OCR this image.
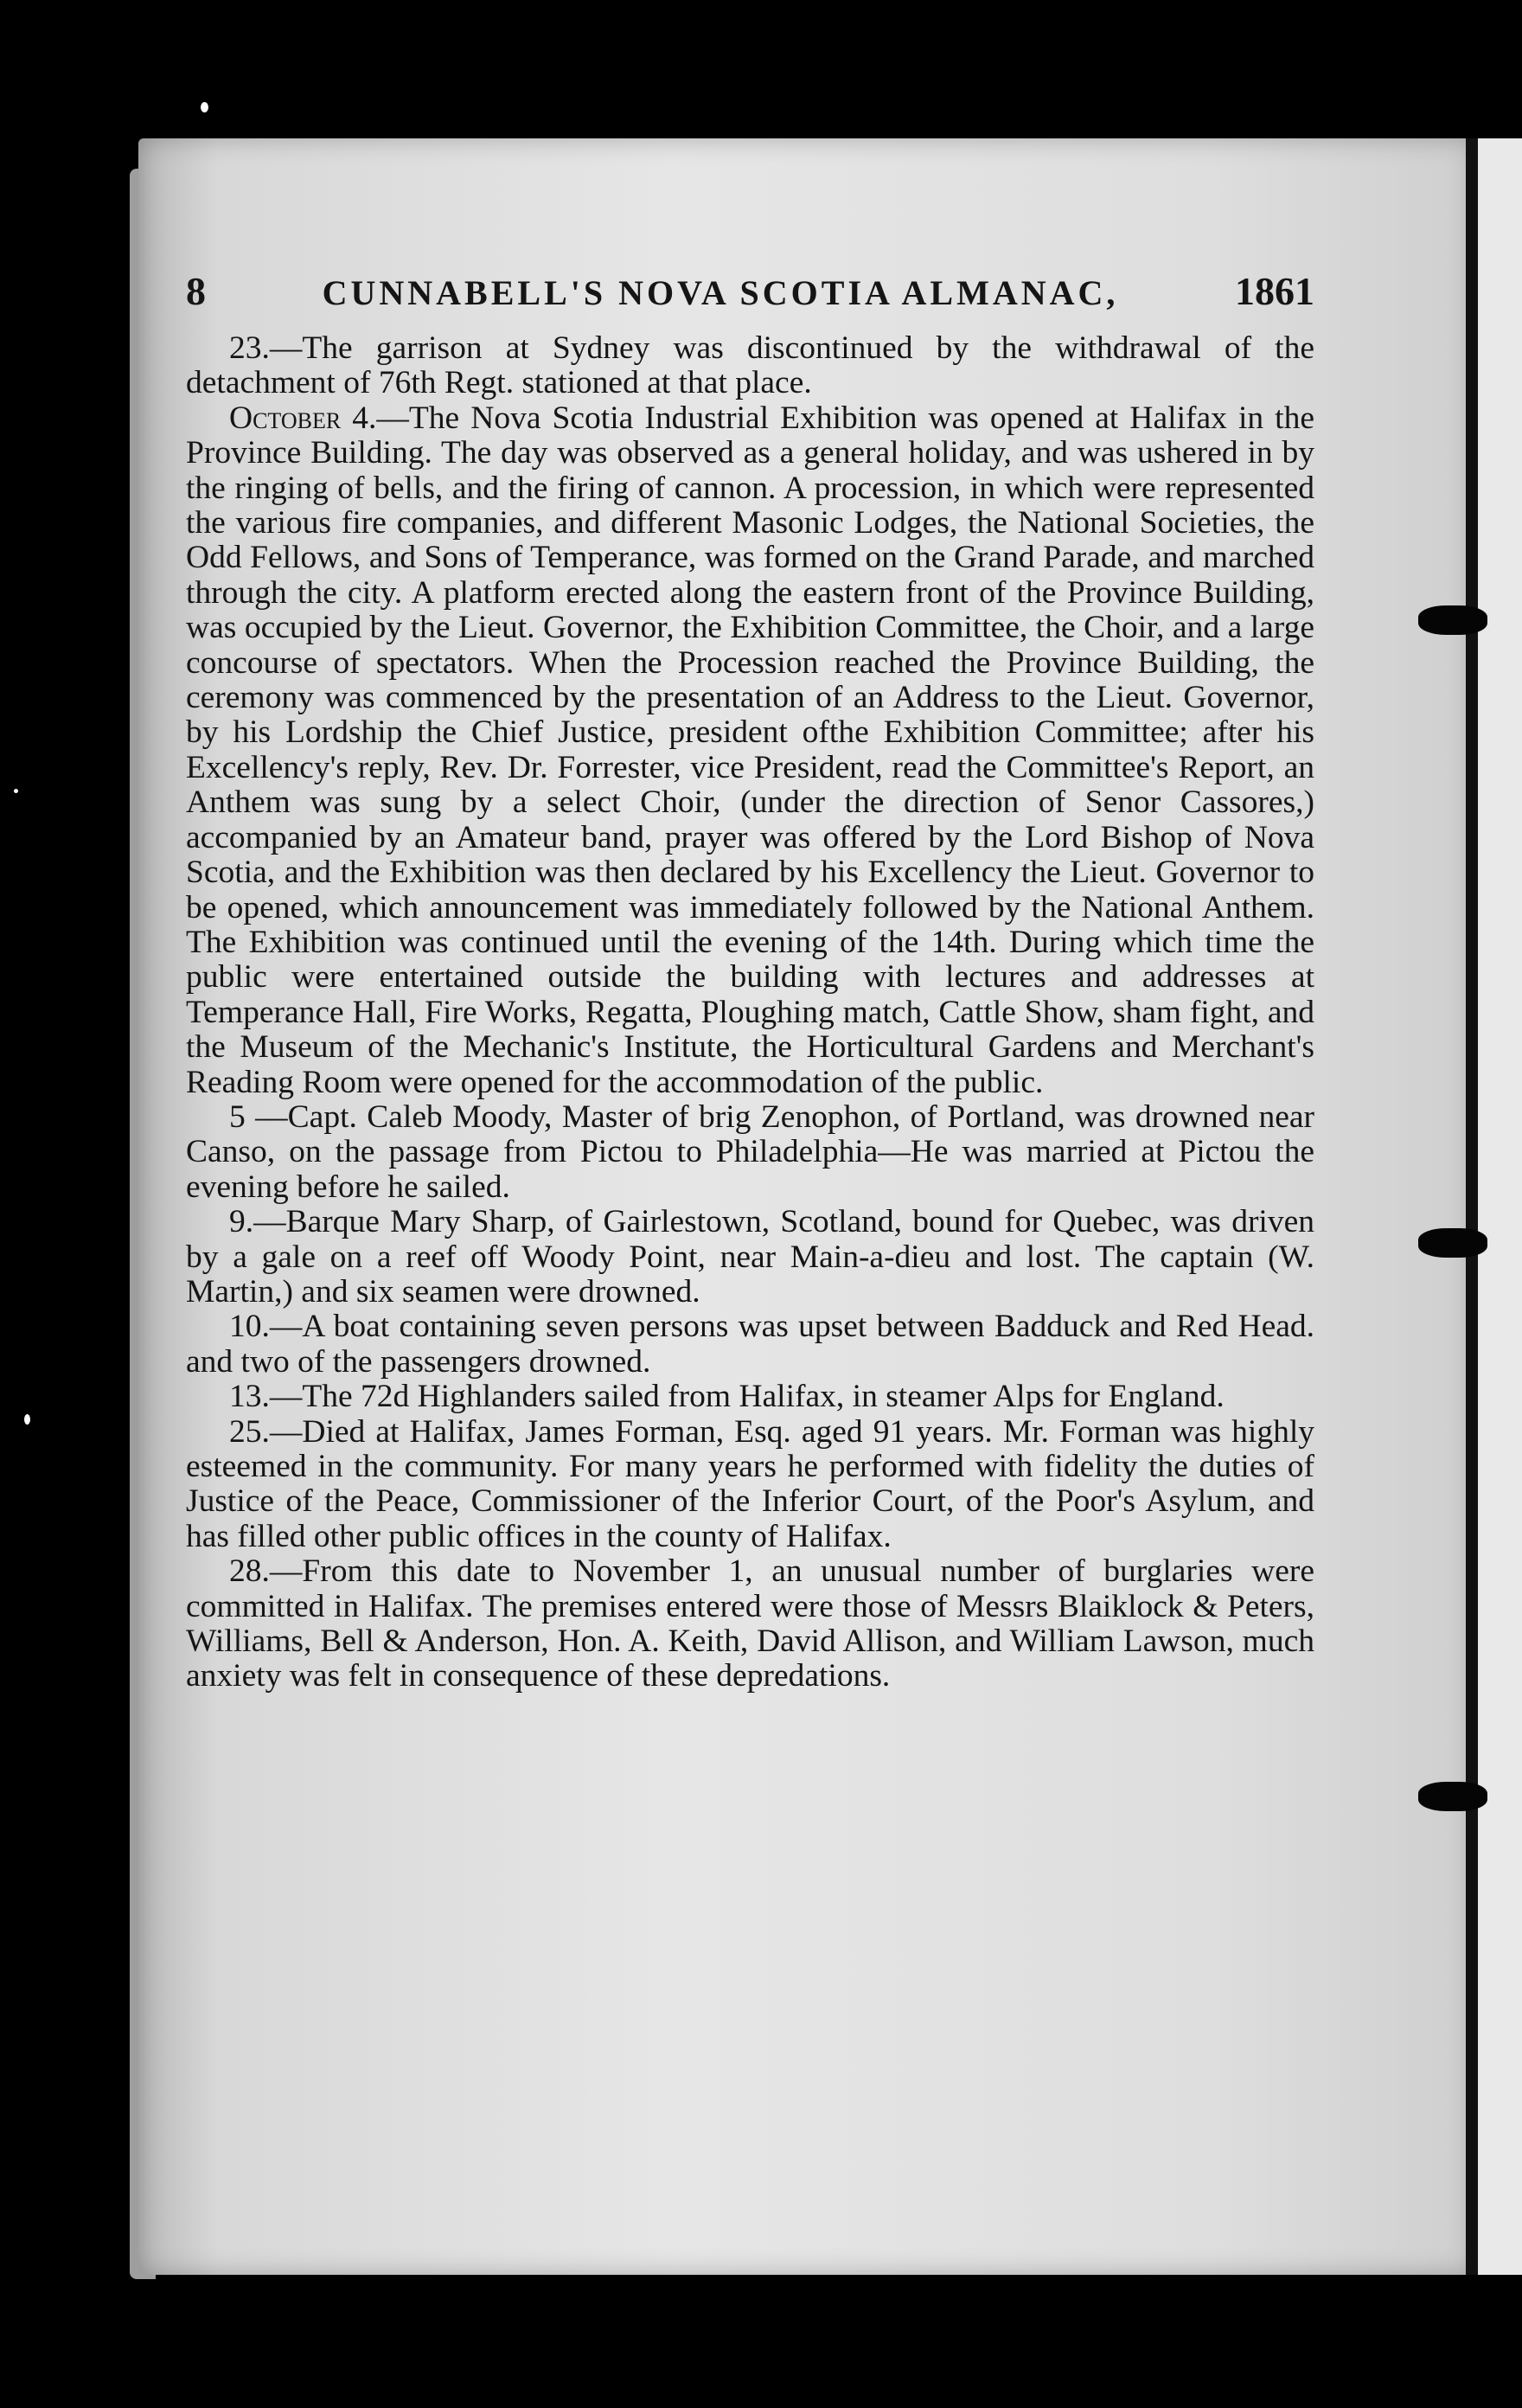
8	CUNNABELL'S NOVA SCOTIA ALMANAC,	1861

23.—The garrison at Sydney was discontinued by the withdrawal of the detachment of 76th Regt. stationed at that place.

October 4.—The Nova Scotia Industrial Exhibition was opened at Halifax in the Province Building. The day was observed as a general holiday, and was ushered in by the ringing of bells, and the firing of cannon. A procession, in which were represented the various fire companies, and different Masonic Lodges, the National Societies, the Odd Fellows, and Sons of Temperance, was formed on the Grand Parade, and marched through the city. A platform erected along the eastern front of the Province Building, was occupied by the Lieut. Governor, the Exhibition Committee, the Choir, and a large concourse of spectators. When the Procession reached the Province Building, the ceremony was commenced by the presentation of an Address to the Lieut. Governor, by his Lordship the Chief Justice, president ofthe Exhibition Committee; after his Excellency's reply, Rev. Dr. Forrester, vice President, read the Committee's Report, an Anthem was sung by a select Choir, (under the direction of Senor Cassores,) accompanied by an Amateur band, prayer was offered by the Lord Bishop of Nova Scotia, and the Exhibition was then declared by his Excellency the Lieut. Governor to be opened, which announcement was immediately followed by the National Anthem. The Exhibition was continued until the evening of the 14th. During which time the public were entertained outside the building with lectures and addresses at Temperance Hall, Fire Works, Regatta, Ploughing match, Cattle Show, sham fight, and the Museum of the Mechanic's Institute, the Horticultural Gardens and Merchant's Reading Room were opened for the accommodation of the public.

5 —Capt. Caleb Moody, Master of brig Zenophon, of Portland, was drowned near Canso, on the passage from Pictou to Philadelphia—He was married at Pictou the evening before he sailed.

9.—Barque Mary Sharp, of Gairlestown, Scotland, bound for Quebec, was driven by a gale on a reef off Woody Point, near Main-a-dieu and lost. The captain (W. Martin,) and six seamen were drowned.

10.—A boat containing seven persons was upset between Badduck and Red Head. and two of the passengers drowned.

13.—The 72d Highlanders sailed from Halifax, in steamer Alps for England.

25.—Died at Halifax, James Forman, Esq. aged 91 years. Mr. Forman was highly esteemed in the community. For many years he performed with fidelity the duties of Justice of the Peace, Commissioner of the Inferior Court, of the Poor's Asylum, and has filled other public offices in the county of Halifax.

28.—From this date to November 1, an unusual number of burglaries were committed in Halifax. The premises entered were those of Messrs Blaiklock & Peters, Williams, Bell & Anderson, Hon. A. Keith, David Allison, and William Lawson, much anxiety was felt in consequence of these depredations.
